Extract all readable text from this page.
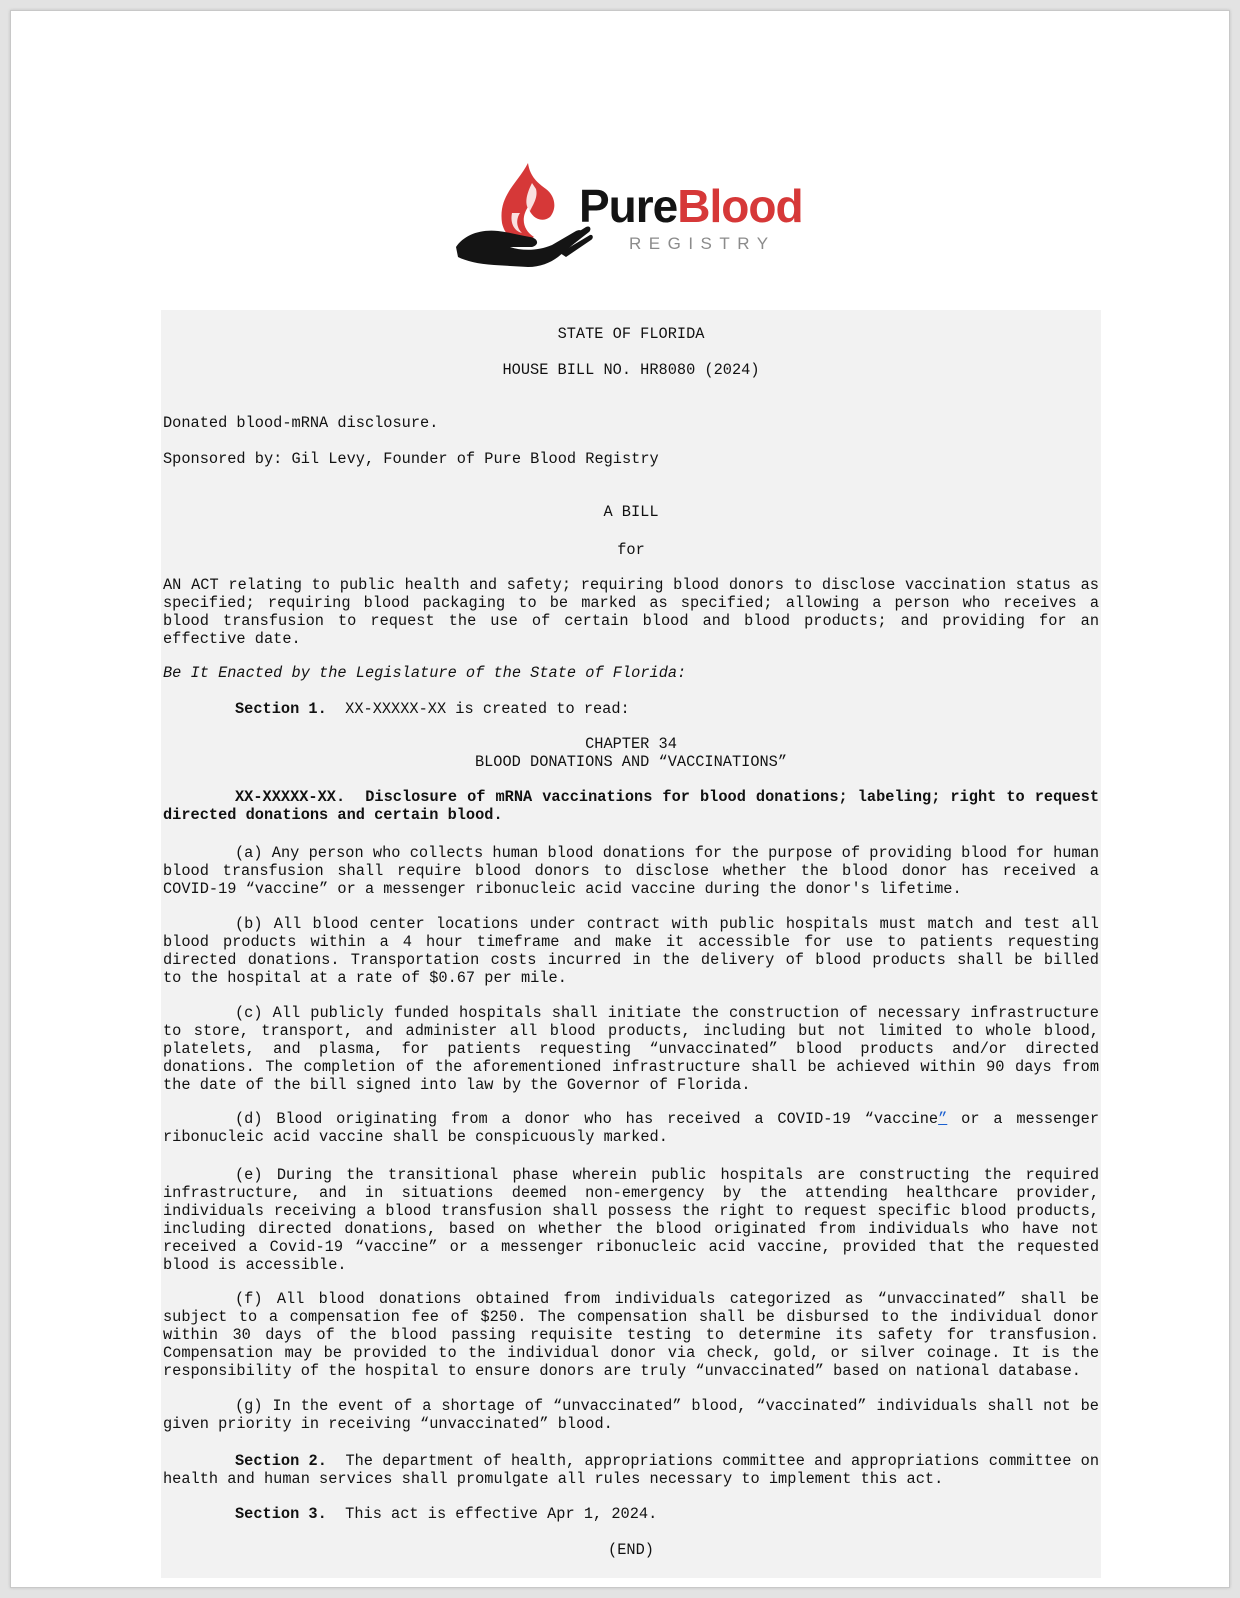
PureBlood
REGISTRY
STATE OF FLORIDA
HOUSE BILL NO. HR8080 (2024)
Donated blood-mRNA disclosure.
Sponsored by: Gil Levy, Founder of Pure Blood Registry
A BILL
for
AN ACT relating to public health and safety; requiring blood donors to disclose vaccination status as specified; requiring blood packaging to be marked as specified; allowing a person who receives a blood transfusion to request the use of certain blood and blood products; and providing for an effective date.
Be It Enacted by the Legislature of the State of Florida:
Section 1. XX-XXXXX-XX is created to read:
CHAPTER 34
BLOOD DONATIONS AND “VACCINATIONS”
XX-XXXXX-XX. Disclosure of mRNA vaccinations for blood donations; labeling; right to request directed donations and certain blood.
(a) Any person who collects human blood donations for the purpose of providing blood for human blood transfusion shall require blood donors to disclose whether the blood donor has received a COVID-19 “vaccine” or a messenger ribonucleic acid vaccine during the donor's lifetime.
(b) All blood center locations under contract with public hospitals must match and test all blood products within a 4 hour timeframe and make it accessible for use to patients requesting directed donations. Transportation costs incurred in the delivery of blood products shall be billed to the hospital at a rate of $0.67 per mile.
(c) All publicly funded hospitals shall initiate the construction of necessary infrastructure to store, transport, and administer all blood products, including but not limited to whole blood, platelets, and plasma, for patients requesting “unvaccinated” blood products and/or directed donations. The completion of the aforementioned infrastructure shall be achieved within 90 days from the date of the bill signed into law by the Governor of Florida.
(d) Blood originating from a donor who has received a COVID-19 “vaccine” or a messenger ribonucleic acid vaccine shall be conspicuously marked.
(e) During the transitional phase wherein public hospitals are constructing the required infrastructure, and in situations deemed non-emergency by the attending healthcare provider, individuals receiving a blood transfusion shall possess the right to request specific blood products, including directed donations, based on whether the blood originated from individuals who have not received a Covid-19 “vaccine” or a messenger ribonucleic acid vaccine, provided that the requested blood is accessible.
(f) All blood donations obtained from individuals categorized as “unvaccinated” shall be subject to a compensation fee of $250. The compensation shall be disbursed to the individual donor within 30 days of the blood passing requisite testing to determine its safety for transfusion. Compensation may be provided to the individual donor via check, gold, or silver coinage. It is the responsibility of the hospital to ensure donors are truly “unvaccinated” based on national database.
(g) In the event of a shortage of “unvaccinated” blood, “vaccinated” individuals shall not be given priority in receiving “unvaccinated” blood.
Section 2. The department of health, appropriations committee and appropriations committee on health and human services shall promulgate all rules necessary to implement this act.
Section 3. This act is effective Apr 1, 2024.
(END)
